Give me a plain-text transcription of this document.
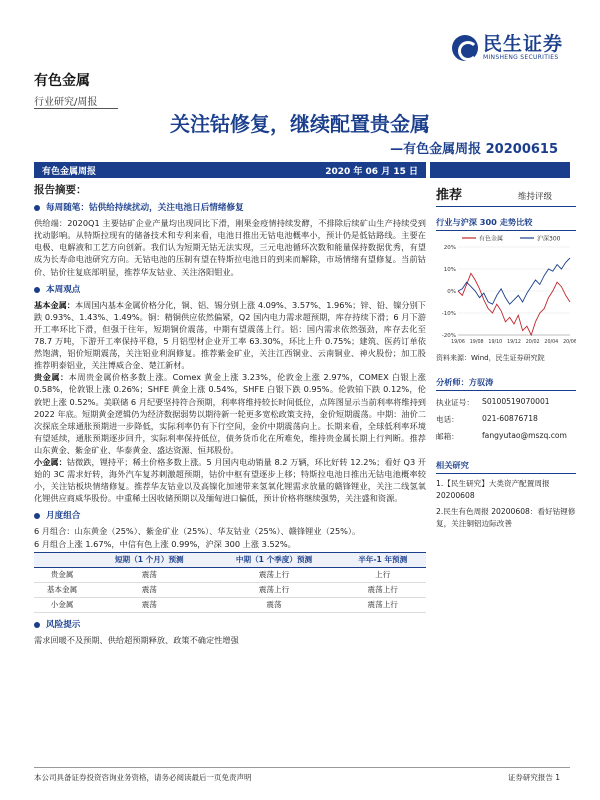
民生证券
MINSHENG SECURITIES
有色金属
行业研究/周报
关注钴修复，继续配置贵金属
—有色金属周报 20200615
有色金属周报	2020 年 06 月 15 日
报告摘要：
每周随笔：钴供给持续扰动，关注电池日后情绪修复
供给端：2020Q1 主要钴矿企业产量均出现同比下滑，刚果金疫情持续发酵，不排除后续矿山生产持续受到扰动影响。从特斯拉现有的储备技术和专利来看，电池日推出无钴电池概率小，预计仍是低钴路线。主要在电极、电解液和工艺方向创新。我们认为短期无钴无法实现，三元电池循环次数和能量保持数据优秀，有望成为长寿命电池研究方向。无钴电池的压制有望在特斯拉电池日的到来而解除，市场情绪有望修复。当前钴价、钴价往复底部明显，推荐华友钴业、关注洛阳钼业。
本周观点
基本金属：本周国内基本金属价格分化，铜、铝、锡分别上涨 4.09%、3.57%、1.96%；锌、铅、镍分别下跌 0.93%、1.43%、1.49%。铜：精铜供应依然偏紧，Q2 国内电力需求超预期，库存持续下滑；6 月下游开工率环比下滑，但强于往年，短期铜价震荡，中期有望震荡上行。铝：国内需求依然强劲，库存去化至 78.7 万吨，下游开工率保持平稳，5 月铝型材企业开工率 63.30%，环比上升 0.75%；建筑、医药订单依然饱满，铝价短期震荡，关注铝业利润修复。推荐紫金矿业，关注江西铜业、云南铜业、神火股份；加工股推荐明泰铝业，关注博威合金、楚江新材。
贵金属：本周贵金属价格多数上涨。Comex 黄金上涨 3.23%，伦敦金上涨 2.97%，COMEX 白银上涨 0.58%，伦敦银上涨 0.26%；SHFE 黄金上涨 0.54%，SHFE 白银下跌 0.95%。伦敦铂下跌 0.12%，伦敦钯上涨 0.52%。美联储 6 月纪要坚持符合预期，利率将维持较长时间低位，点阵图显示当前利率将维持到 2022 年底。短期黄金逻辑仍为经济数据弱势以期待新一轮更多宽松政策支持，金价短期震荡。中期：油价二次探底全球通胀预期进一步降低，实际利率仍有下行空间，金价中期震荡向上。长期来看，全球低利率环境有望延续，通胀预期逐步回升，实际利率保持低位，债务货币化在所难免，维持贵金属长期上行判断。推荐山东黄金、紫金矿业、华泰黄金、盛达资源、恒邦股份。
小金属：钴微跌，锂持平；稀土价格多数上涨。5 月国内电动销量 8.2 万辆，环比好转 12.2%；看好 Q3 开始的 3C 需求好转，海外汽车复苏刺激超预期，钴价中枢有望逐步上移；特斯拉电池日推出无钴电池概率较小，关注钴板块情绪修复。推荐华友钴业以及高镍化加速带来氢氧化锂需求放量的赣锋锂业，关注二线氢氧化锂供应商威华股份。中重稀土因收储预期以及缅甸进口偏低，预计价格将继续强势，关注盛和资源。
月度组合
6 月组合：山东黄金（25%）、紫金矿业（25%）、华友钴业（25%）、赣锋锂业（25%）。
6 月组合上涨 1.67%，中信有色上涨 0.99%，沪深 300 上涨 3.52%。
	短期（1 个月）预测	中期（1 个季度）预测	半年-1 年预测
贵金属	震荡	震荡上行	上行
基本金属	震荡	震荡上行	震荡上行
小金属	震荡	震荡	震荡上行
风险提示
需求回暖不及预期、供给超预期释放、政策不确定性增强
推荐	维持评级
行业与沪深 300 走势比较
有色金属	沪深300
20%
10%
0%
-10%
-20%
19/06 19/08 19/10 19/12 20/02 20/04 20/06
资料来源：Wind，民生证券研究院
分析师：方驭涛
执业证号：	S0100519070001
电话：	021-60876718
邮箱：	fangyutao@mszq.com
相关研究
1.【民生研究】大类资产配置周报 20200608
2.民生有色周报 20200608：看好钴锂修复，关注铜铝边际改善
本公司具备证券投资咨询业务资格，请务必阅读最后一页免责声明	证券研究报告 1
